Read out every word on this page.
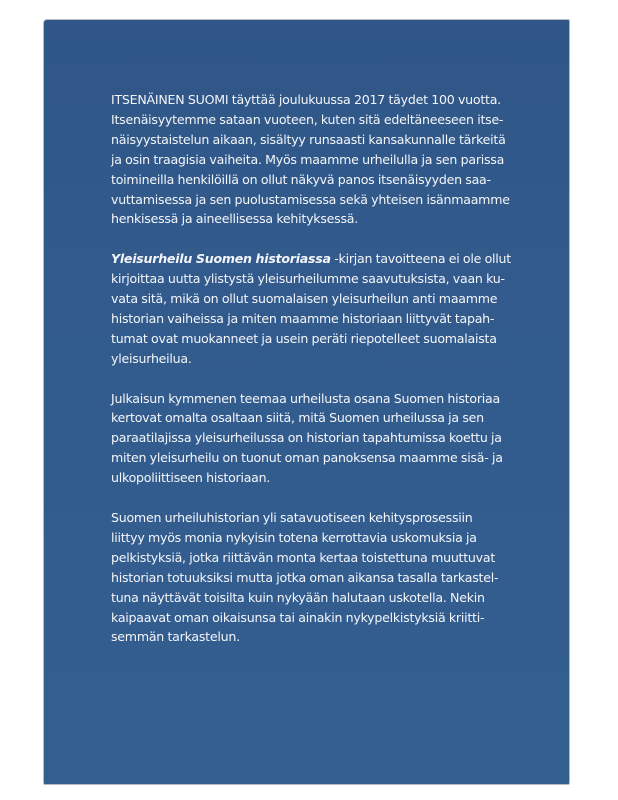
ITSENÄINEN SUOMI täyttää joulukuussa 2017 täydet 100 vuotta.
Itsenäisyytemme sataan vuoteen, kuten sitä edeltäneeseen itse-
näisyystaistelun aikaan, sisältyy runsaasti kansakunnalle tärkeitä
ja osin traagisia vaiheita. Myös maamme urheilulla ja sen parissa
toimineilla henkilöillä on ollut näkyvä panos itsenäisyyden saa-
vuttamisessa ja sen puolustamisessa sekä yhteisen isänmaamme
henkisessä ja aineellisessa kehityksessä.

Yleisurheilu Suomen historiassa -kirjan tavoitteena ei ole ollut
kirjoittaa uutta ylistystä yleisurheilumme saavutuksista, vaan ku-
vata sitä, mikä on ollut suomalaisen yleisurheilun anti maamme
historian vaiheissa ja miten maamme historiaan liittyvät tapah-
tumat ovat muokanneet ja usein peräti riepotelleet suomalaista
yleisurheilua.

Julkaisun kymmenen teemaa urheilusta osana Suomen historiaa
kertovat omalta osaltaan siitä, mitä Suomen urheilussa ja sen
paraatilajissa yleisurheilussa on historian tapahtumissa koettu ja
miten yleisurheilu on tuonut oman panoksensa maamme sisä- ja
ulkopoliittiseen historiaan.

Suomen urheiluhistorian yli satavuotiseen kehitysprosessiin
liittyy myös monia nykyisin totena kerrottavia uskomuksia ja
pelkistyksiä, jotka riittävän monta kertaa toistettuna muuttuvat
historian totuuksiksi mutta jotka oman aikansa tasalla tarkastel-
tuna näyttävät toisilta kuin nykyään halutaan uskotella. Nekin
kaipaavat oman oikaisunsa tai ainakin nykypelkistyksiä kriitti-
semmän tarkastelun.
